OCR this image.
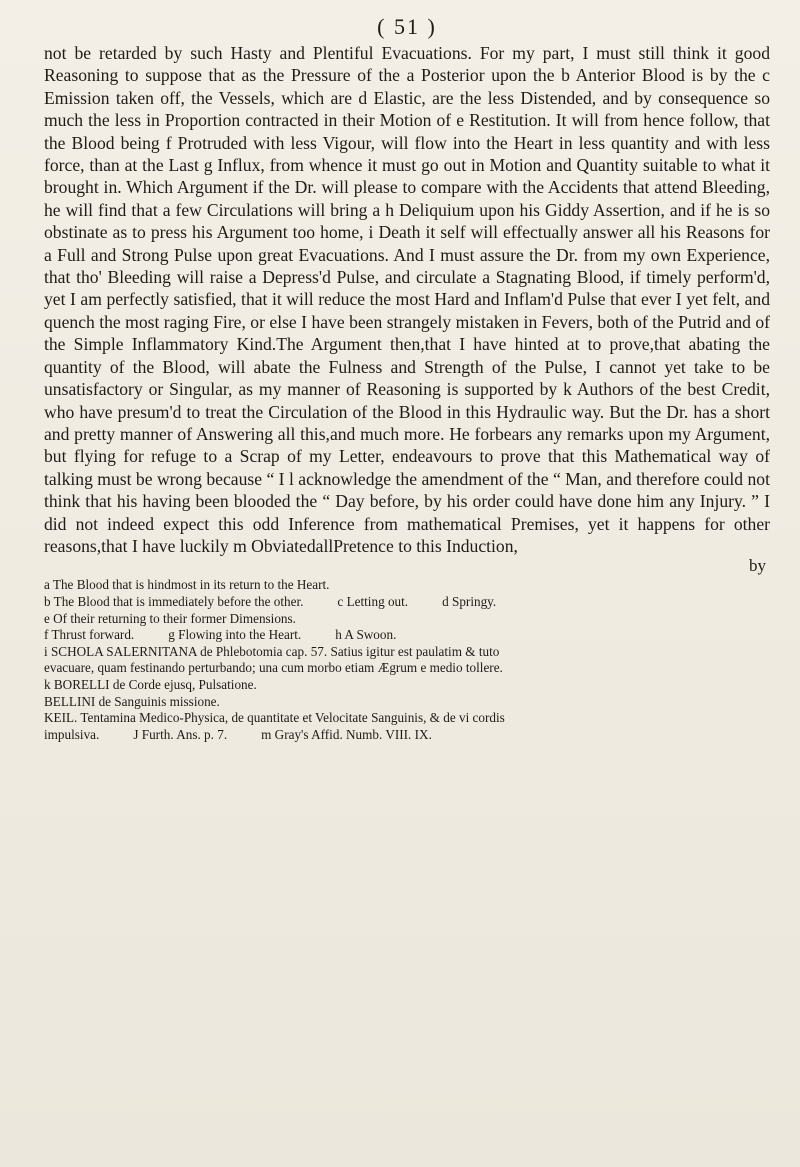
( 51 )

not be retarded by such Hasty and Plentiful Evacuations. For my part, I must still think it good Reasoning to suppose that as the Pressure of the a Posterior upon the b Anterior Blood is by the c Emission taken off, the Vessels, which are d Elastic, are the less Distended, and by consequence so much the less in Proportion contracted in their Motion of e Restitution. It will from hence follow, that the Blood being f Protruded with less Vigour, will flow into the Heart in less quantity and with less force, than at the Last g Influx, from whence it must go out in Motion and Quantity suitable to what it brought in. Which Argument if the Dr. will please to compare with the Accidents that attend Bleeding, he will find that a few Circulations will bring a h Deliquium upon his Giddy Assertion, and if he is so obstinate as to press his Argument too home, i Death it self will effectually answer all his Reasons for a Full and Strong Pulse upon great Evacuations. And I must assure the Dr. from my own Experience, that tho' Bleeding will raise a Depress'd Pulse, and circulate a Stagnating Blood, if timely perform'd, yet I am perfectly satisfied, that it will reduce the most Hard and Inflam'd Pulse that ever I yet felt, and quench the most raging Fire, or else I have been strangely mistaken in Fevers, both of the Putrid and of the Simple Inflammatory Kind.The Argument then,that I have hinted at to prove,that abating the quantity of the Blood, will abate the Fulness and Strength of the Pulse, I cannot yet take to be unsatisfactory or Singular, as my manner of Reasoning is supported by k Authors of the best Credit, who have presum'd to treat the Circulation of the Blood in this Hydraulic way. But the Dr. has a short and pretty manner of Answering all this,and much more. He forbears any remarks upon my Argument, but flying for refuge to a Scrap of my Letter, endeavours to prove that this Mathematical way of talking must be wrong because “ I l acknowledge the amendment of the “ Man, and therefore could not think that his having been blooded the “ Day before, by his order could have done him any Injury. ” I did not indeed expect this odd Inference from mathematical Premises, yet it happens for other reasons,that I have luckily m ObviatedallPretence to this Induction,

by
a The Blood that is hindmost in its return to the Heart.
b The Blood that is immediately before the other.	c Letting out.	d Springy.
e Of their returning to their former Dimensions.
f Thrust forward.	g Flowing into the Heart.	h A Swoon.
i SCHOLA SALERNITANA de Phlebotomia cap. 57. Satius igitur est paulatim & tuto
evacuare, quam festinando perturbando; una cum morbo etiam Ægrum e medio tollere.
k BORELLI de Corde ejusq, Pulsatione.
BELLINI de Sanguinis missione.
KEIL. Tentamina Medico-Physica, de quantitate et Velocitate Sanguinis, & de vi cordis
impulsiva.	J Furth. Ans. p. 7.	m Gray's Affid. Numb. VIII. IX.
